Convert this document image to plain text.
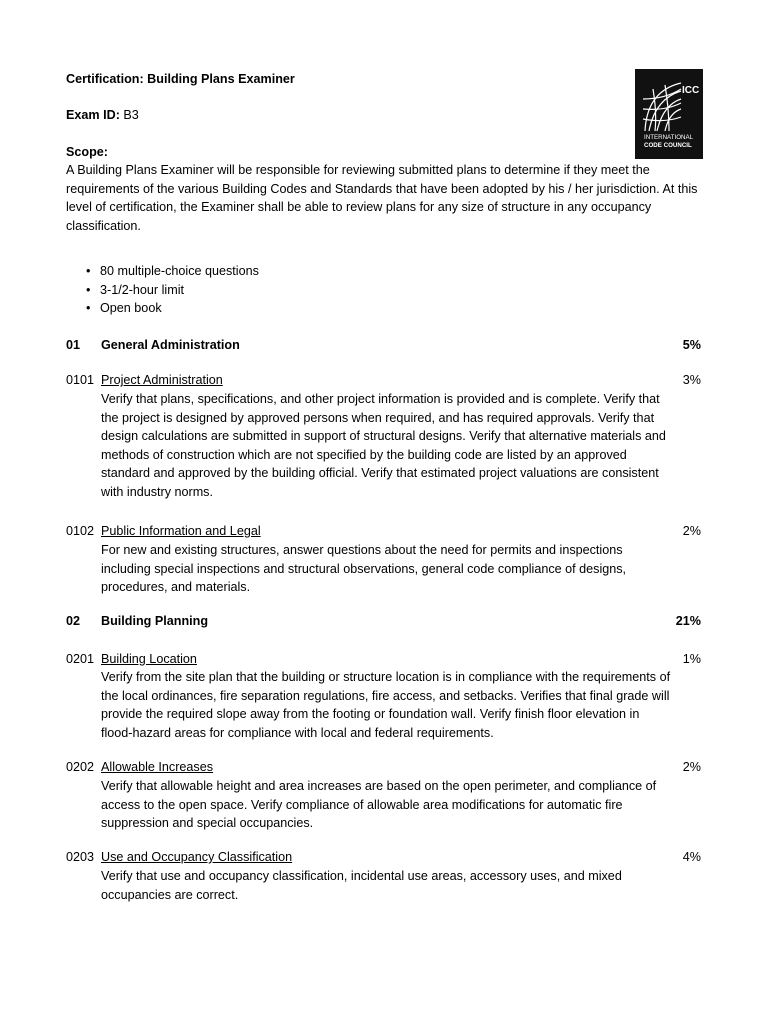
Certification: Building Plans Examiner
Exam ID: B3
Scope:
A Building Plans Examiner will be responsible for reviewing submitted plans to determine if they meet the requirements of the various Building Codes and Standards that have been adopted by his / her jurisdiction. At this level of certification, the Examiner shall be able to review plans for any size of structure in any occupancy classification.
ICC
INTERNATIONAL
CODE COUNCIL
• 80 multiple-choice questions
• 3-1/2-hour limit
• Open book
01 General Administration	5%
0101 Project Administration	3%
Verify that plans, specifications, and other project information is provided and is complete. Verify that the project is designed by approved persons when required, and has required approvals. Verify that design calculations are submitted in support of structural designs. Verify that alternative materials and methods of construction which are not specified by the building code are listed by an approved standard and approved by the building official. Verify that estimated project valuations are consistent with industry norms.
0102 Public Information and Legal	2%
For new and existing structures, answer questions about the need for permits and inspections including special inspections and structural observations, general code compliance of designs, procedures, and materials.
02 Building Planning	21%
0201 Building Location	1%
Verify from the site plan that the building or structure location is in compliance with the requirements of the local ordinances, fire separation regulations, fire access, and setbacks. Verifies that final grade will provide the required slope away from the footing or foundation wall. Verify finish floor elevation in flood-hazard areas for compliance with local and federal requirements.
0202 Allowable Increases	2%
Verify that allowable height and area increases are based on the open perimeter, and compliance of access to the open space. Verify compliance of allowable area modifications for automatic fire suppression and special occupancies.
0203 Use and Occupancy Classification	4%
Verify that use and occupancy classification, incidental use areas, accessory uses, and mixed occupancies are correct.
